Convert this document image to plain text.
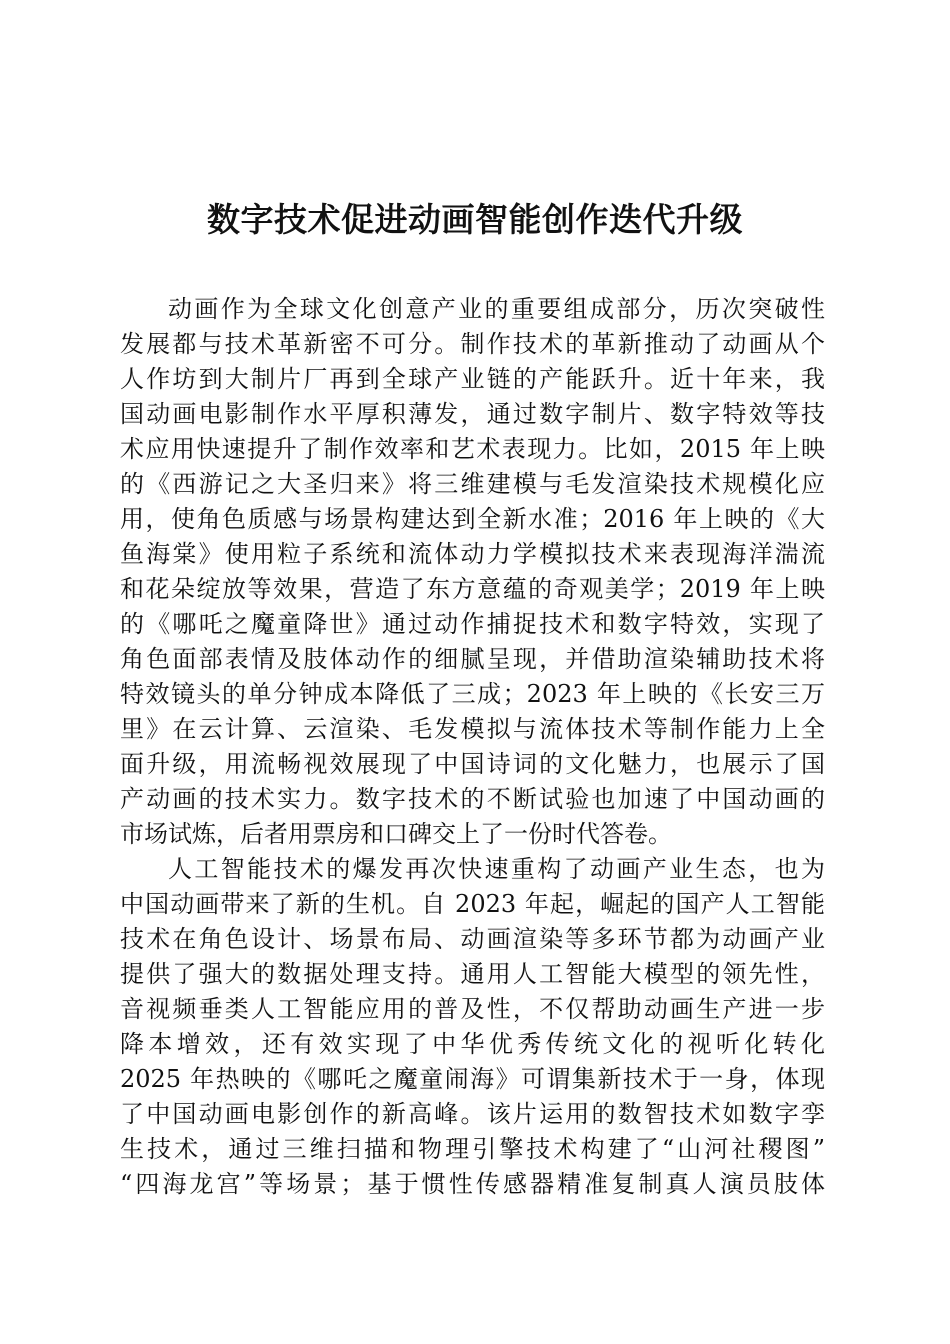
数字技术促进动画智能创作迭代升级
动画作为全球文化创意产业的重要组成部分，历次突破性
发展都与技术革新密不可分。制作技术的革新推动了动画从个
人作坊到大制片厂再到全球产业链的产能跃升。近十年来，我
国动画电影制作水平厚积薄发，通过数字制片、数字特效等技
术应用快速提升了制作效率和艺术表现力。比如，2015 年上映
的《西游记之大圣归来》将三维建模与毛发渲染技术规模化应
用，使角色质感与场景构建达到全新水准；2016 年上映的《大
鱼海棠》使用粒子系统和流体动力学模拟技术来表现海洋湍流
和花朵绽放等效果，营造了东方意蕴的奇观美学；2019 年上映
的《哪吒之魔童降世》通过动作捕捉技术和数字特效，实现了
角色面部表情及肢体动作的细腻呈现，并借助渲染辅助技术将
特效镜头的单分钟成本降低了三成；2023 年上映的《长安三万
里》在云计算、云渲染、毛发模拟与流体技术等制作能力上全
面升级，用流畅视效展现了中国诗词的文化魅力，也展示了国
产动画的技术实力。数字技术的不断试验也加速了中国动画的
市场试炼，后者用票房和口碑交上了一份时代答卷。
人工智能技术的爆发再次快速重构了动画产业生态，也为
中国动画带来了新的生机。自 2023 年起，崛起的国产人工智能
技术在角色设计、场景布局、动画渲染等多环节都为动画产业
提供了强大的数据处理支持。通用人工智能大模型的领先性，
音视频垂类人工智能应用的普及性，不仅帮助动画生产进一步
降本增效，还有效实现了中华优秀传统文化的视听化转化
2025 年热映的《哪吒之魔童闹海》可谓集新技术于一身，体现
了中国动画电影创作的新高峰。该片运用的数智技术如数字孪
生技术，通过三维扫描和物理引擎技术构建了“山河社稷图”
“四海龙宫”等场景；基于惯性传感器精准复制真人演员肢体
